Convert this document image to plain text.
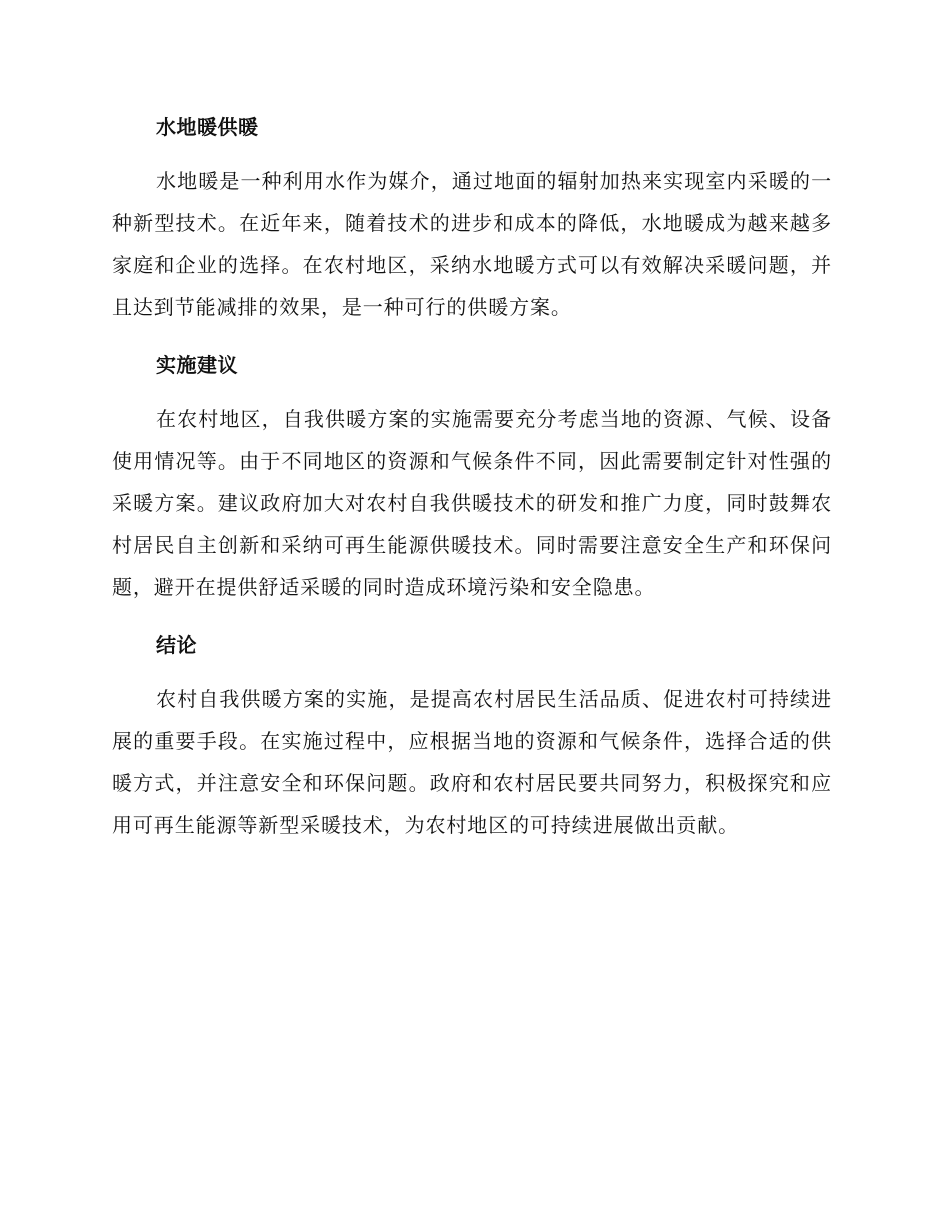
水地暖供暖

水地暖是一种利用水作为媒介，通过地面的辐射加热来实现室内采暖的一种新型技术。在近年来，随着技术的进步和成本的降低，水地暖成为越来越多家庭和企业的选择。在农村地区，采纳水地暖方式可以有效解决采暖问题，并且达到节能减排的效果，是一种可行的供暖方案。

实施建议

在农村地区，自我供暖方案的实施需要充分考虑当地的资源、气候、设备使用情况等。由于不同地区的资源和气候条件不同，因此需要制定针对性强的采暖方案。建议政府加大对农村自我供暖技术的研发和推广力度，同时鼓舞农村居民自主创新和采纳可再生能源供暖技术。同时需要注意安全生产和环保问题，避开在提供舒适采暖的同时造成环境污染和安全隐患。

结论

农村自我供暖方案的实施，是提高农村居民生活品质、促进农村可持续进展的重要手段。在实施过程中，应根据当地的资源和气候条件，选择合适的供暖方式，并注意安全和环保问题。政府和农村居民要共同努力，积极探究和应用可再生能源等新型采暖技术，为农村地区的可持续进展做出贡献。
